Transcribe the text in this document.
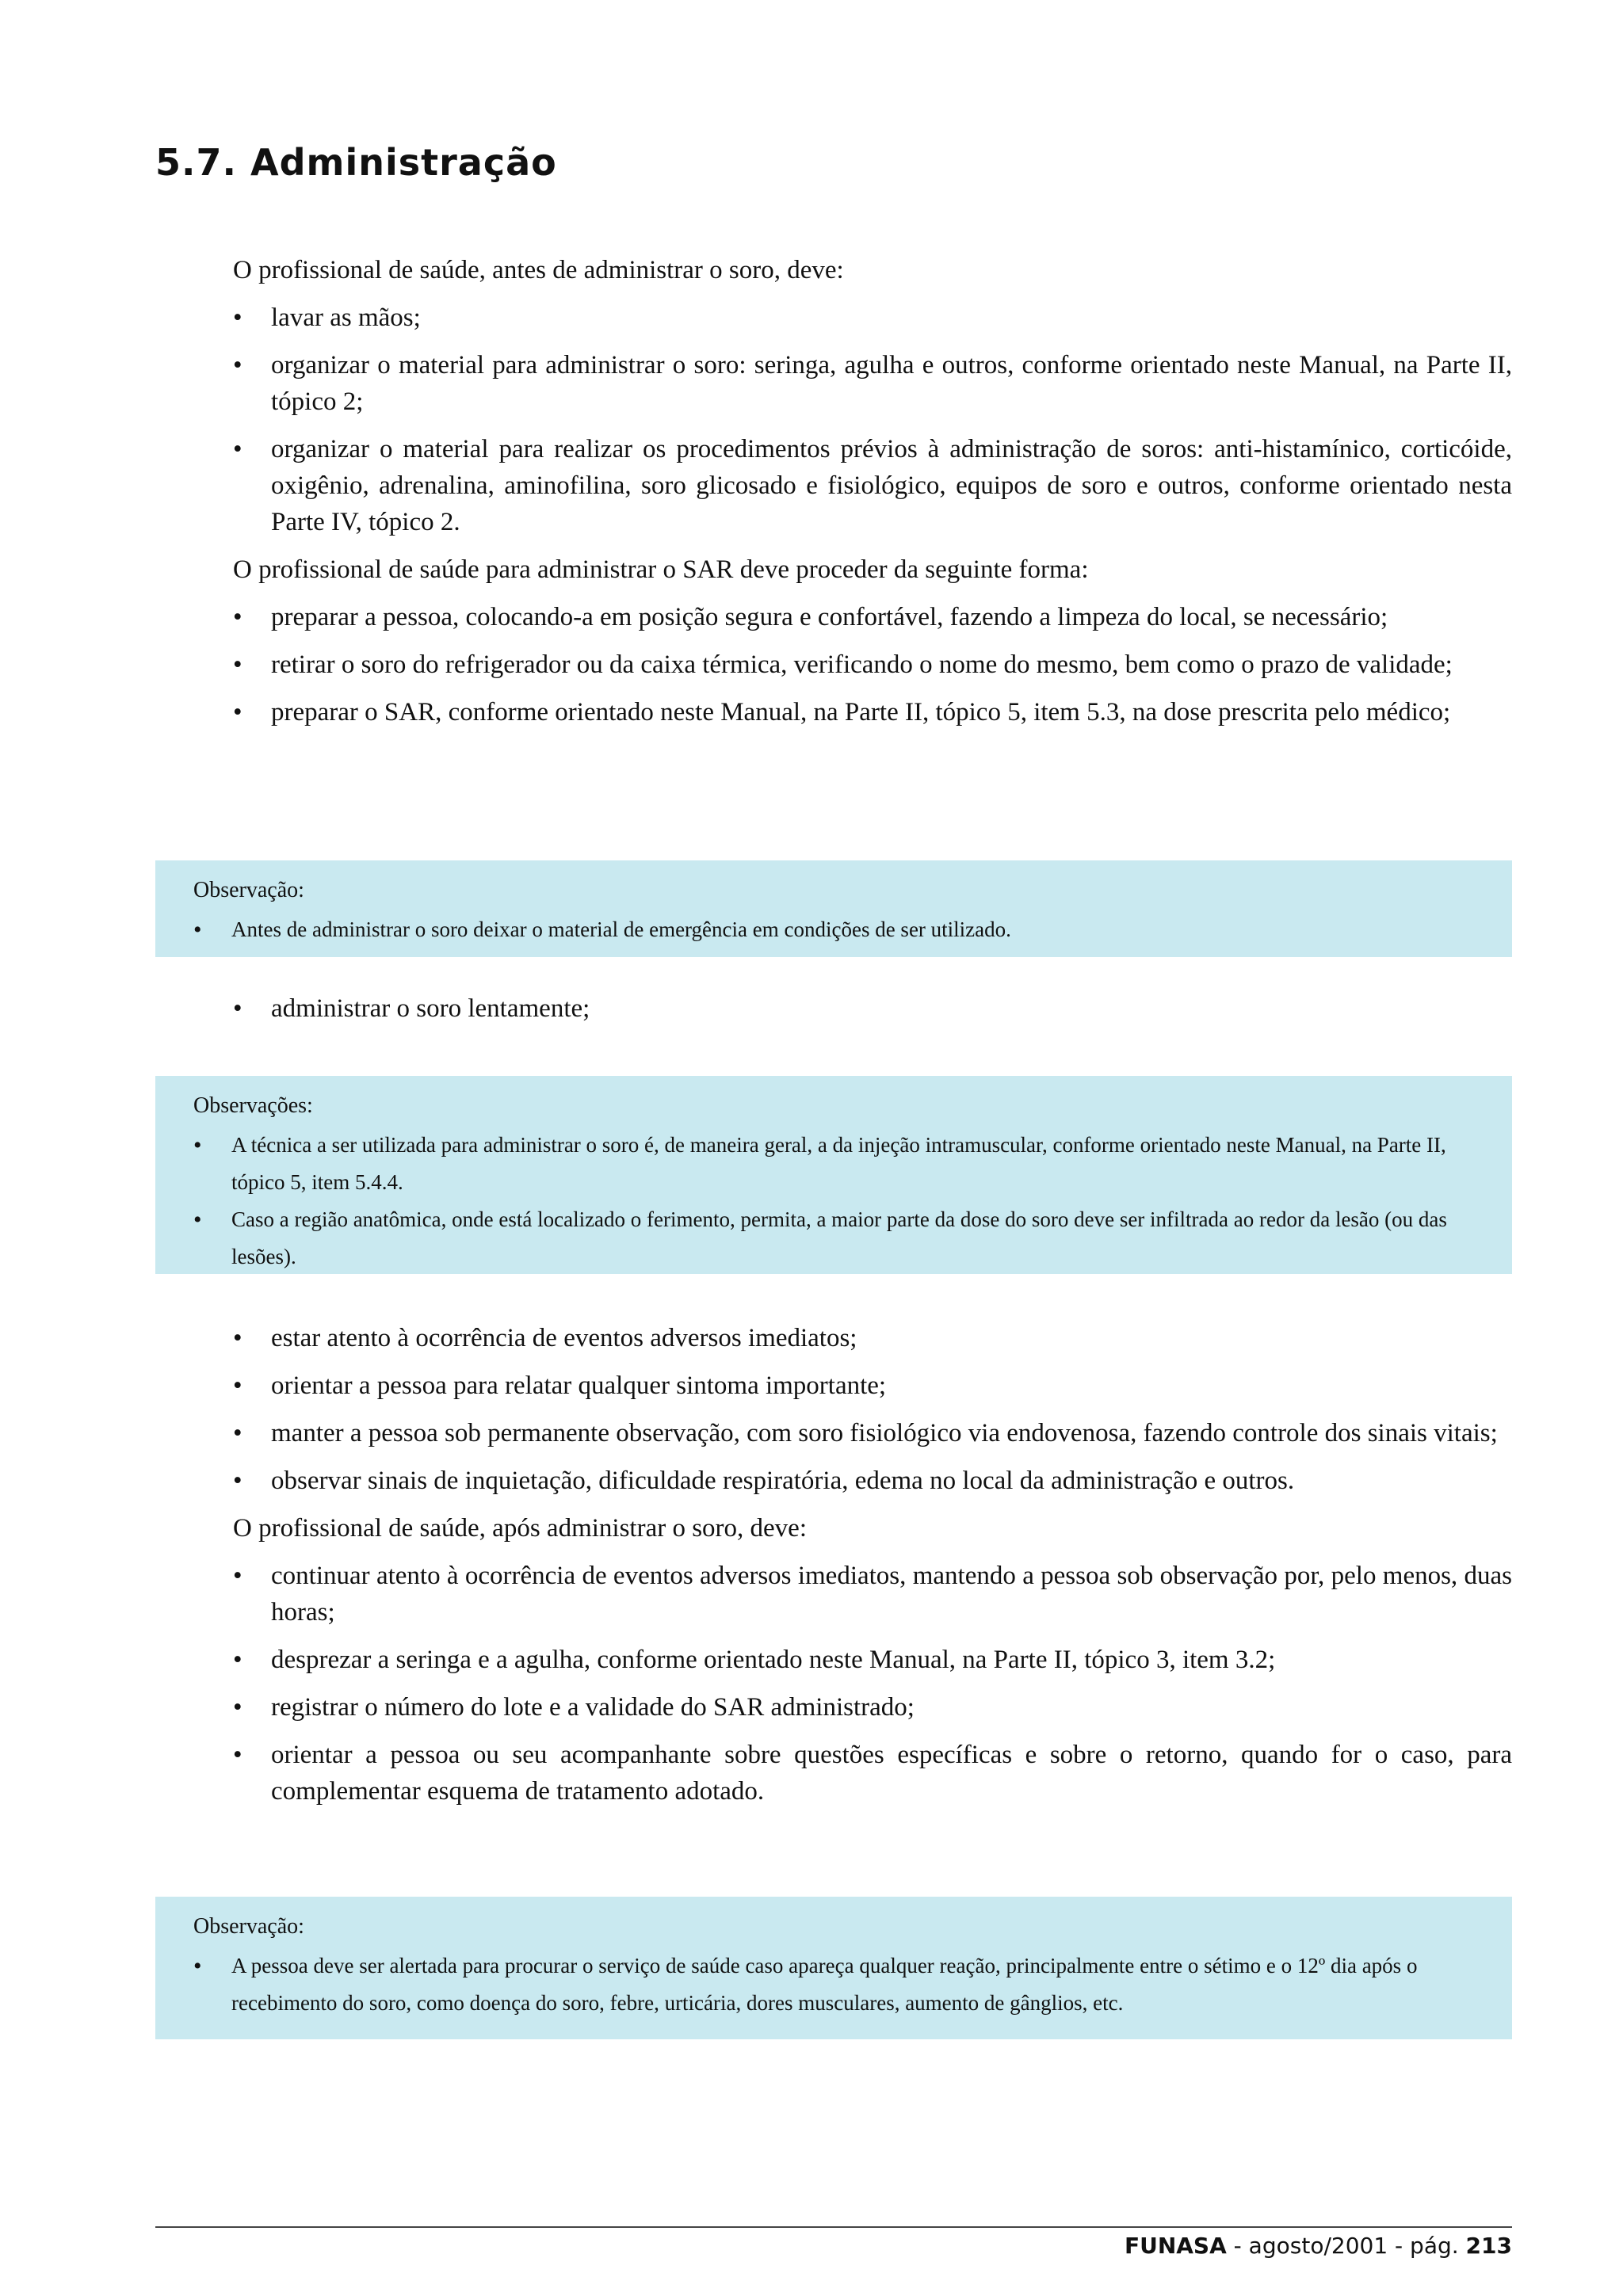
5.7. Administração

O profissional de saúde, antes de administrar o soro, deve:

• lavar as mãos;
• organizar o material para administrar o soro: seringa, agulha e outros, conforme orientado neste Manual, na Parte II, tópico 2;
• organizar o material para realizar os procedimentos prévios à administração de soros: anti-histamínico, corticóide, oxigênio, adrenalina, aminofilina, soro glicosado e fisiológico, equipos de soro e outros, conforme orientado nesta Parte IV, tópico 2.

O profissional de saúde para administrar o SAR deve proceder da seguinte forma:

• preparar a pessoa, colocando-a em posição segura e confortável, fazendo a limpeza do local, se necessário;
• retirar o soro do refrigerador ou da caixa térmica, verificando o nome do mesmo, bem como o prazo de validade;
• preparar o SAR, conforme orientado neste Manual, na Parte II, tópico 5, item 5.3, na dose prescrita pelo médico;

Observação:

• Antes de administrar o soro deixar o material de emergência em condições de ser utilizado.
• administrar o soro lentamente;

Observações:

• A técnica a ser utilizada para administrar o soro é, de maneira geral, a da injeção intramuscular, conforme orientado neste Manual, na Parte II, tópico 5, item 5.4.4.
• Caso a região anatômica, onde está localizado o ferimento, permita, a maior parte da dose do soro deve ser infiltrada ao redor da lesão (ou das lesões).
• estar atento à ocorrência de eventos adversos imediatos;
• orientar a pessoa para relatar qualquer sintoma importante;
• manter a pessoa sob permanente observação, com soro fisiológico via endovenosa, fazendo controle dos sinais vitais;
• observar sinais de inquietação, dificuldade respiratória, edema no local da administração e outros.

O profissional de saúde, após administrar o soro, deve:

• continuar atento à ocorrência de eventos adversos imediatos, mantendo a pessoa sob observação por, pelo menos, duas horas;
• desprezar a seringa e a agulha, conforme orientado neste Manual, na Parte II, tópico 3, item 3.2;
• registrar o número do lote e a validade do SAR administrado;
• orientar a pessoa ou seu acompanhante sobre questões específicas e sobre o retorno, quando for o caso, para complementar esquema de tratamento adotado.

Observação:

• A pessoa deve ser alertada para procurar o serviço de saúde caso apareça qualquer reação, principalmente entre o sétimo e o 12º dia após o recebimento do soro, como doença do soro, febre, urticária, dores musculares, aumento de gânglios, etc.
FUNASA - agosto/2001 - pág. 213
